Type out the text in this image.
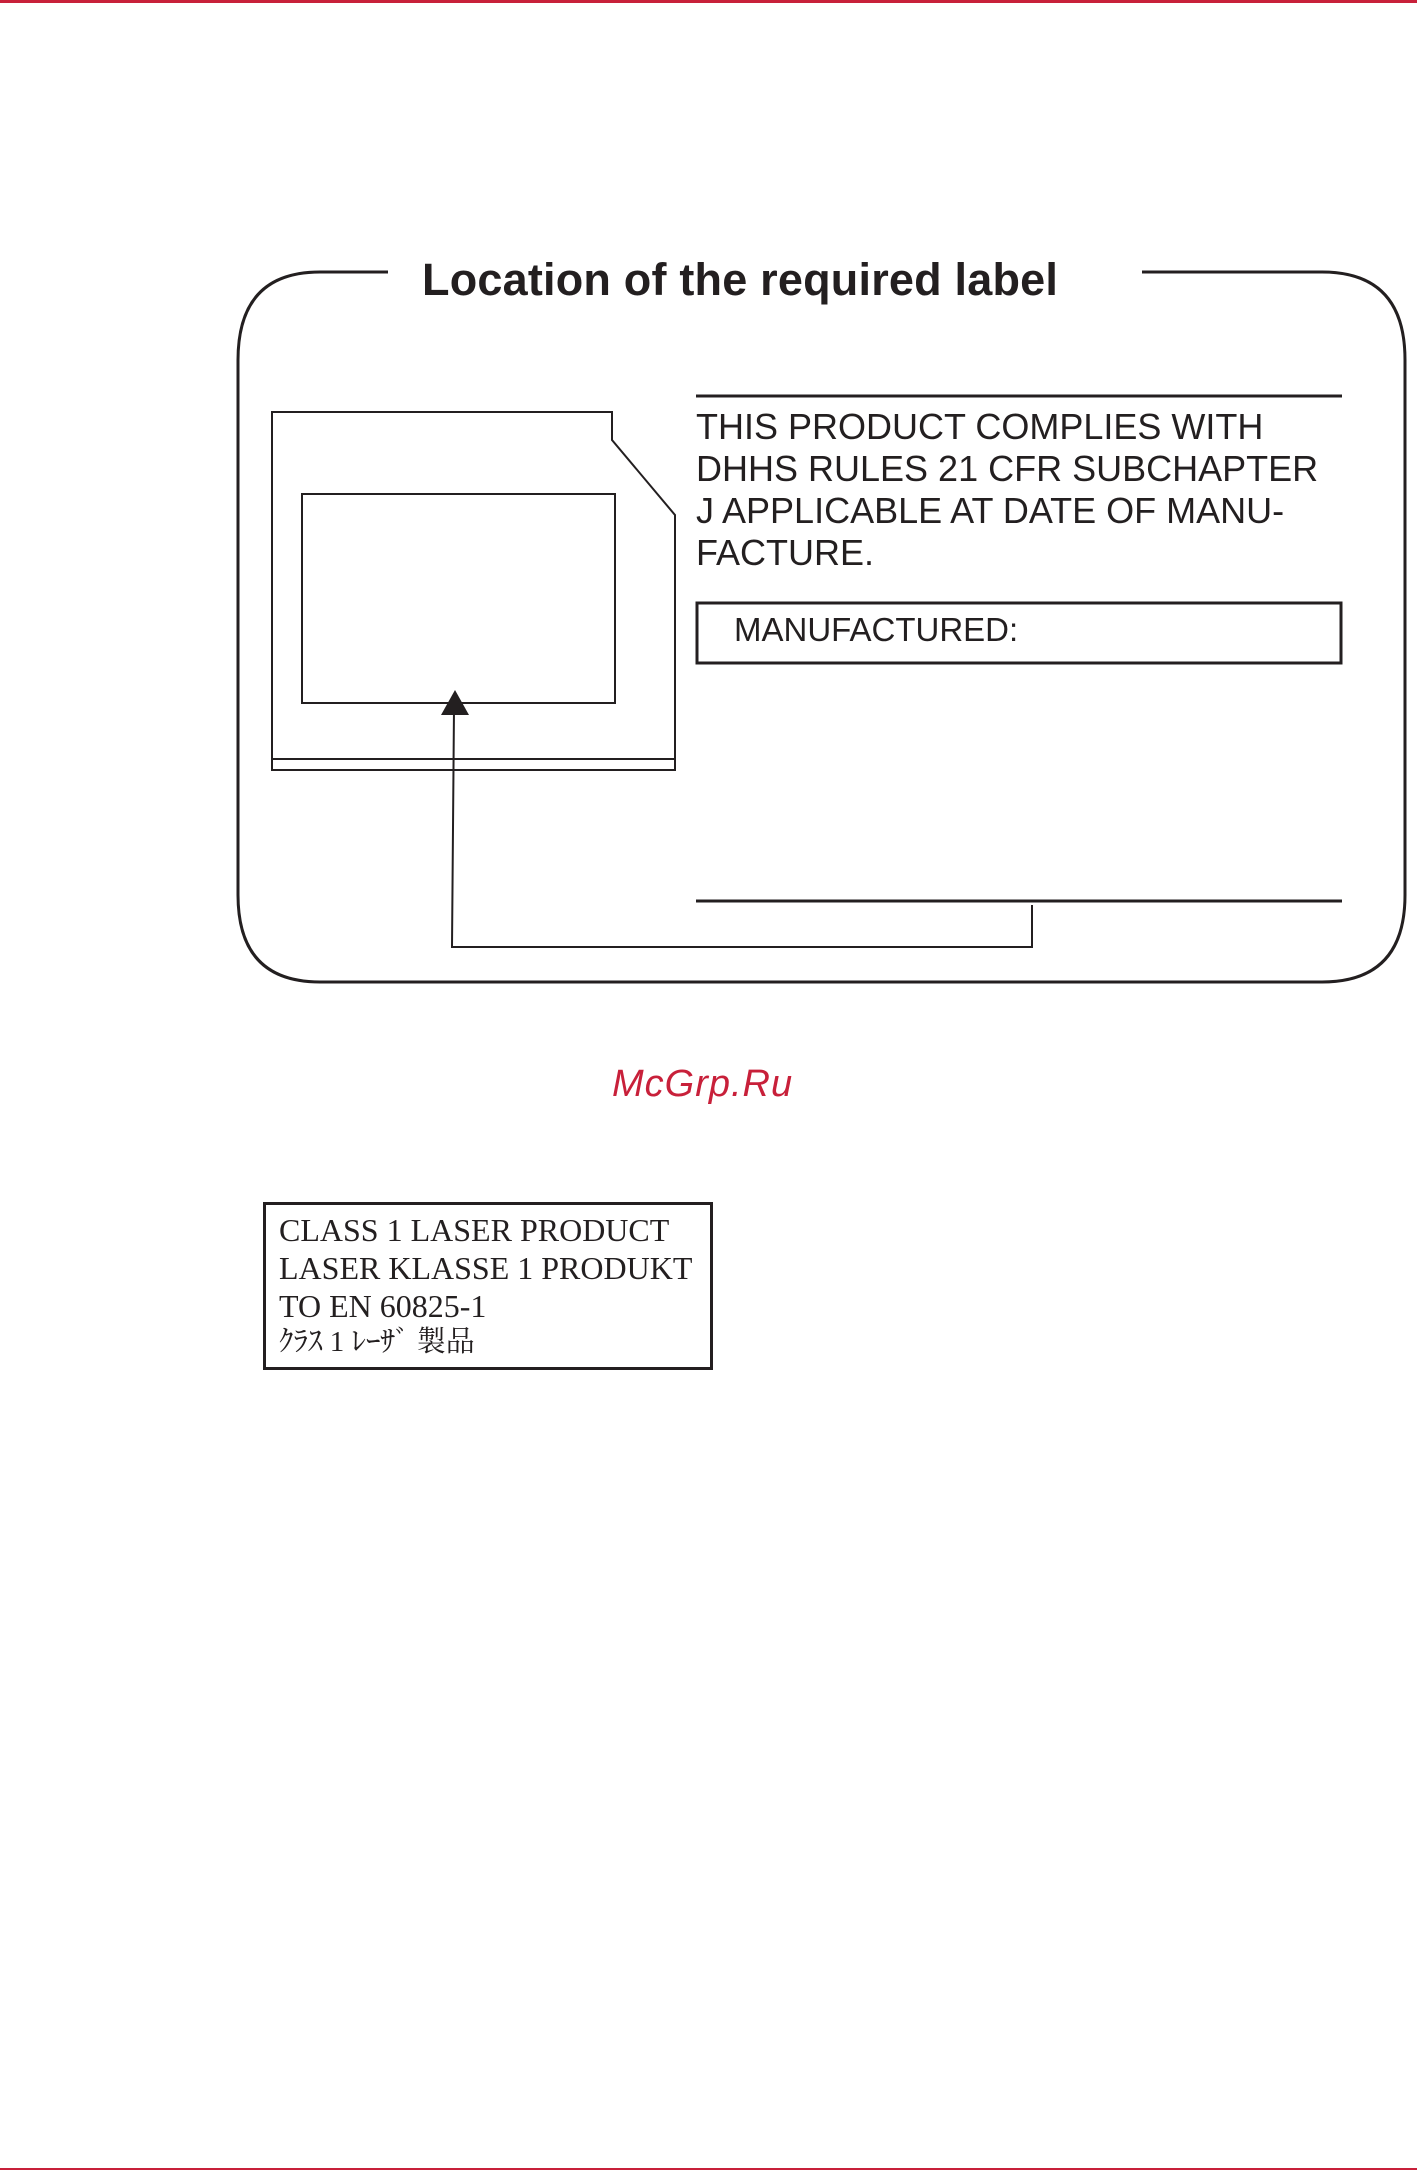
Location of the required label
THIS PRODUCT COMPLIES WITH
DHHS RULES 21 CFR SUBCHAPTER
J APPLICABLE AT DATE OF MANU-
FACTURE.
MANUFACTURED:
McGrp.Ru
CLASS 1 LASER PRODUCT
LASER KLASSE 1 PRODUKT
TO EN 60825-1
ｸﾗｽ 1 ﾚｰｻﾞ 製品
